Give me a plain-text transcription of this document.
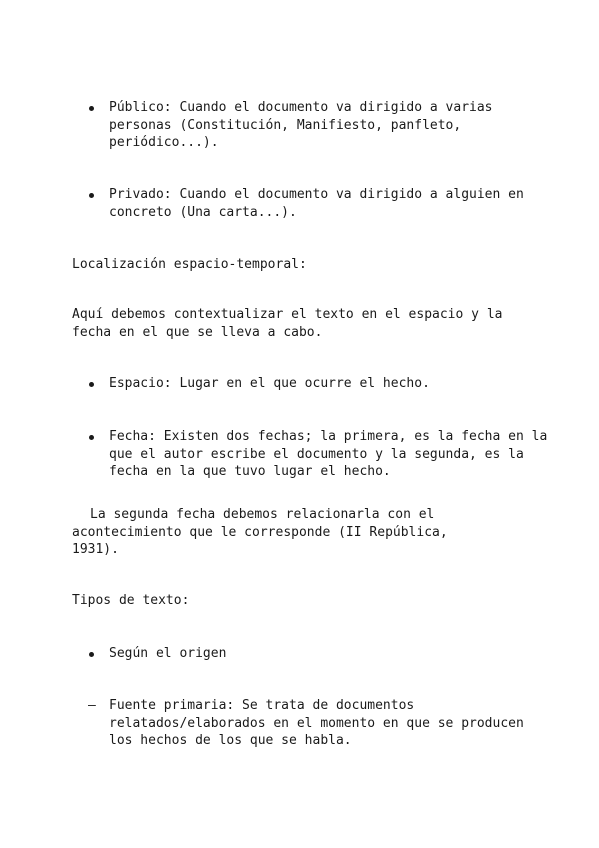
Público: Cuando el documento va dirigido a varias personas (Constitución, Manifiesto, panfleto, periódico...).

Privado: Cuando el documento va dirigido a alguien en concreto (Una carta...).

Localización espacio-temporal:

Aquí debemos contextualizar el texto en el espacio y la fecha en el que se lleva a cabo.

Espacio: Lugar en el que ocurre el hecho.

Fecha: Existen dos fechas; la primera, es la fecha en la que el autor escribe el documento y la segunda, es la fecha en la que tuvo lugar el hecho.

La segunda fecha debemos relacionarla con el acontecimiento que le corresponde (II República, 1931).

Tipos de texto:

Según el origen

–	Fuente primaria: Se trata de documentos relatados/elaborados en el momento en que se producen los hechos de los que se habla.
